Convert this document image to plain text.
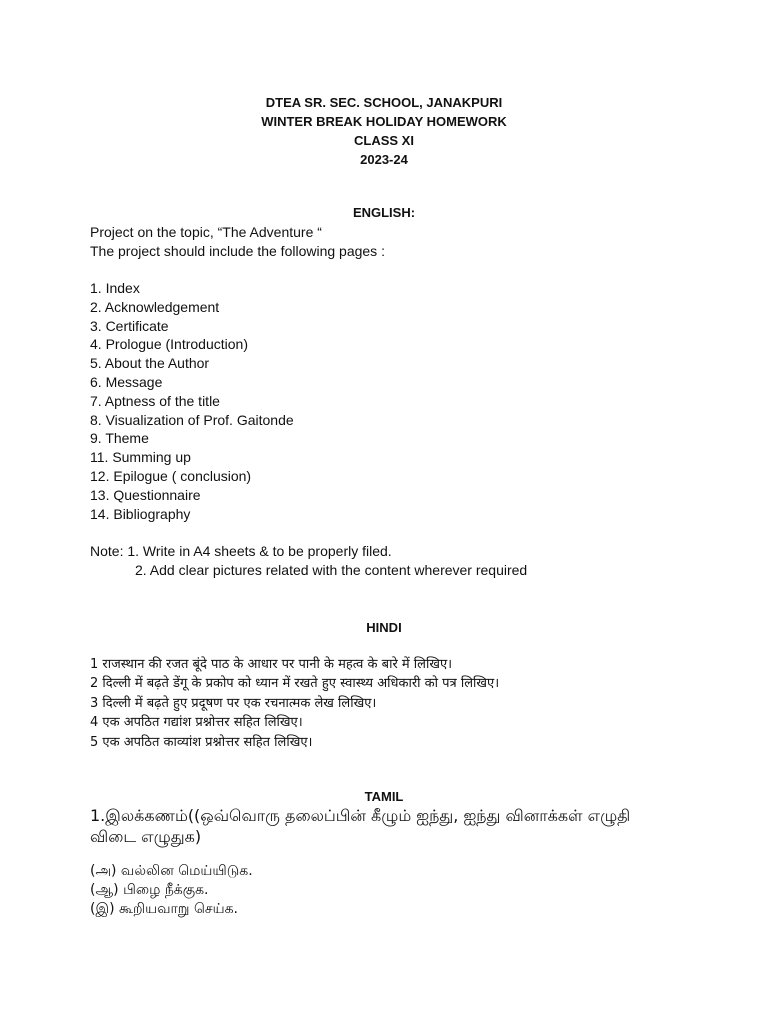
DTEA SR. SEC. SCHOOL, JANAKPURI
WINTER BREAK HOLIDAY HOMEWORK
CLASS XI
2023-24
ENGLISH:
Project on the topic, “The Adventure “
The project should include the following pages :
1. Index
2. Acknowledgement
3. Certificate
4. Prologue (Introduction)
5. About the Author
6. Message
7. Aptness of the title
8. Visualization of Prof. Gaitonde
9. Theme
11. Summing up
12. Epilogue ( conclusion)
13. Questionnaire
14. Bibliography
Note: 1. Write in A4 sheets & to be properly filed.
2. Add clear pictures related with the content wherever required
HINDI
1 राजस्थान की रजत बूंदे पाठ के आधार पर पानी के महत्व के बारे में लिखिए।
2 दिल्ली में बढ़ते डेंगू के प्रकोप को ध्यान में रखते हुए स्वास्थ्य अधिकारी को पत्र लिखिए।
3 दिल्ली में बढ़ते हुए प्रदूषण पर एक रचनात्मक लेख लिखिए।
4 एक अपठित गद्यांश प्रश्नोत्तर सहित लिखिए।
5 एक अपठित काव्यांश प्रश्नोत्तर सहित लिखिए।
TAMIL
1.இலக்கணம்((ஒவ்வொரு தலைப்பின் கீழும் ஐந்து, ஐந்து வினாக்கள் எழுதி
விடை எழுதுக)
(அ) வல்லின மெய்யிடுக.
(ஆ) பிழை நீக்குக.
(இ) கூறியவாறு செய்க.
